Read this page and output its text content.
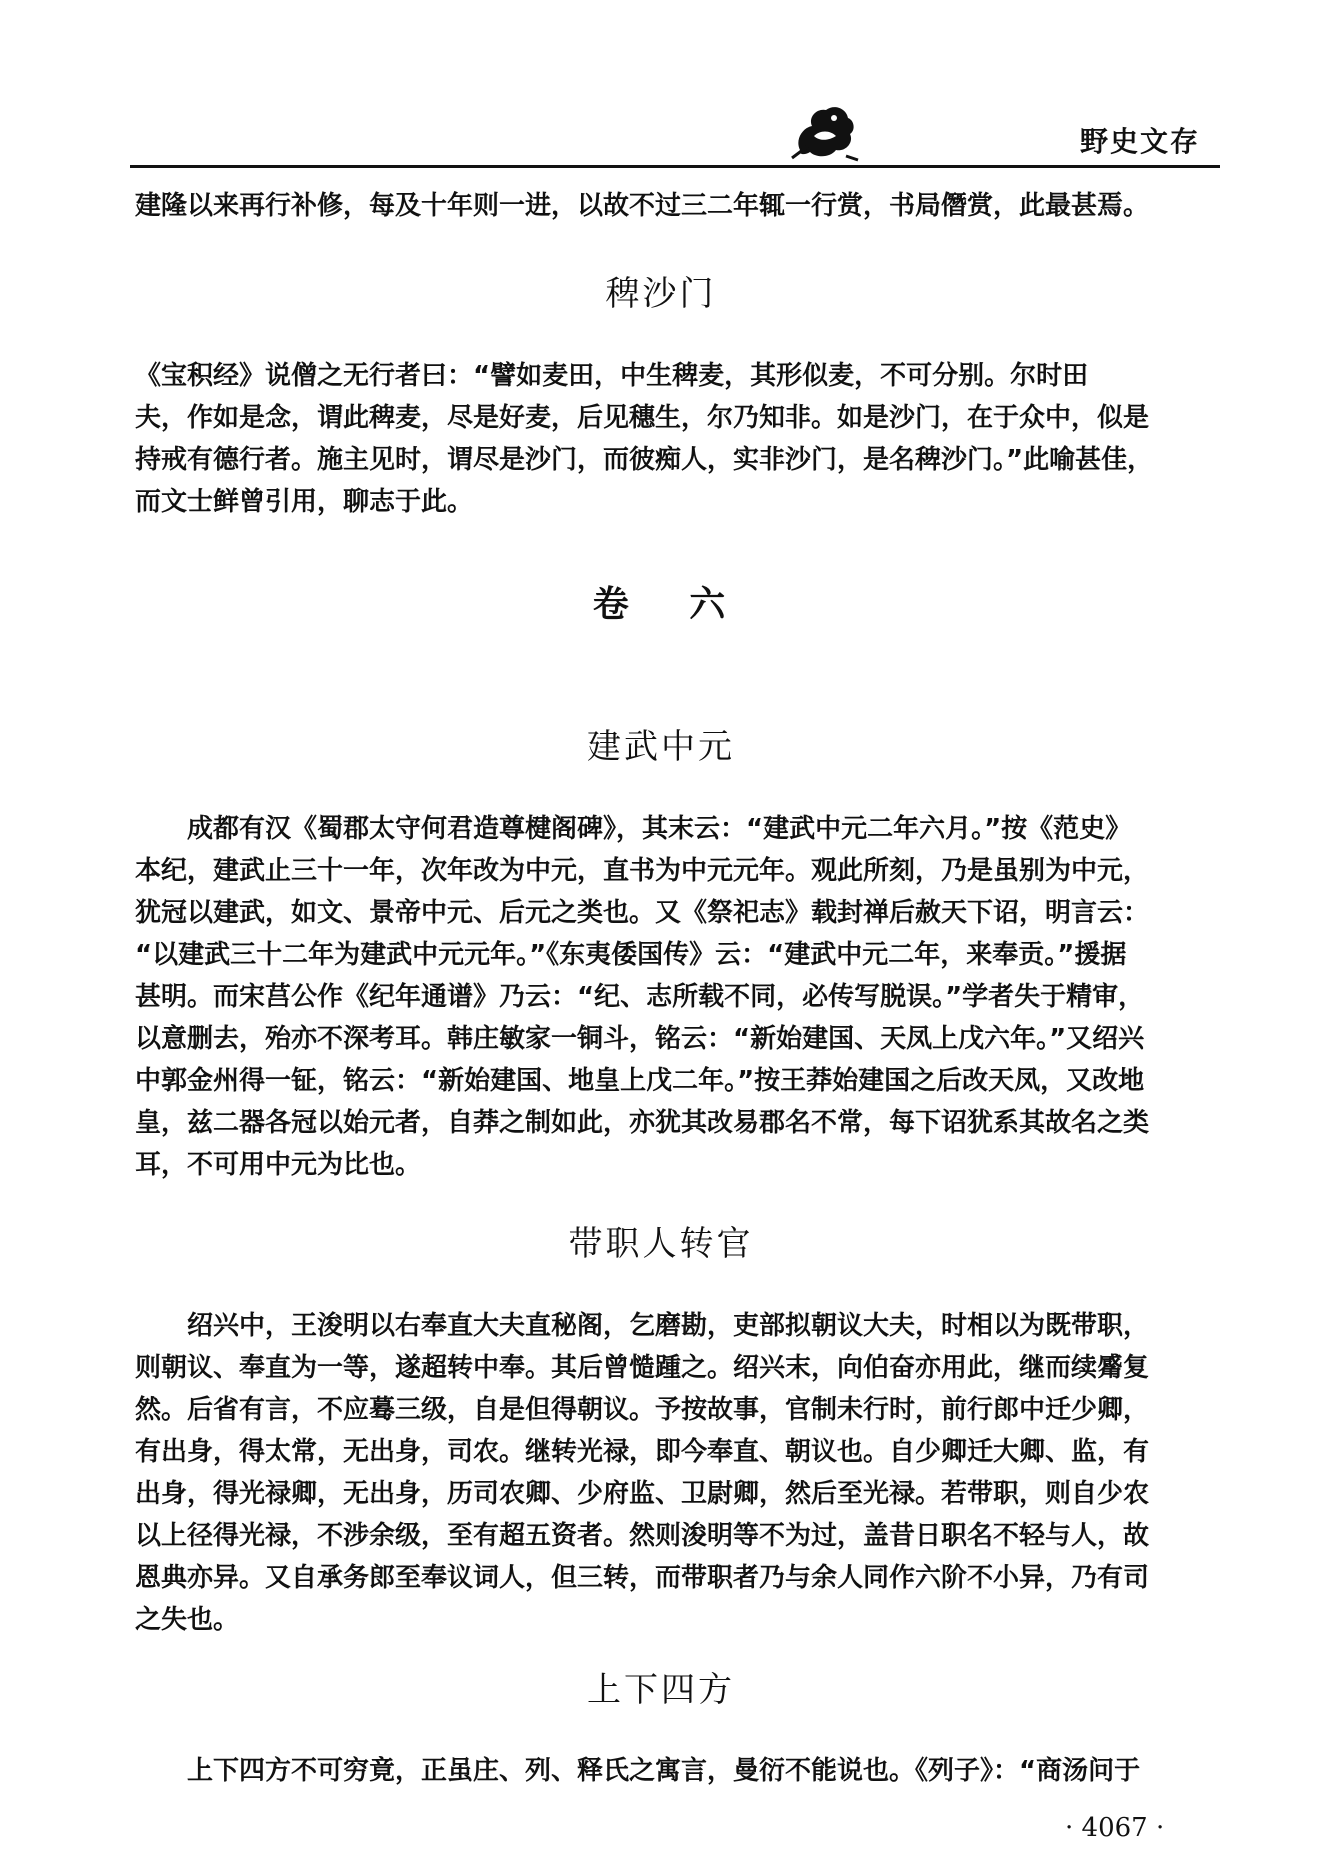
野史文存
建隆以来再行补修，每及十年则一进，以故不过三二年辄一行赏，书局僭赏，此最甚焉。
稗沙门
《宝积经》说僧之无行者曰：“譬如麦田，中生稗麦，其形似麦，不可分别。尔时田
夫，作如是念，谓此稗麦，尽是好麦，后见穗生，尔乃知非。如是沙门，在于众中，似是
持戒有德行者。施主见时，谓尽是沙门，而彼痴人，实非沙门，是名稗沙门。”此喻甚佳，
而文士鲜曾引用，聊志于此。
卷 六
建武中元
　　成都有汉《蜀郡太守何君造尊楗阁碑》，其末云：“建武中元二年六月。”按《范史》
本纪，建武止三十一年，次年改为中元，直书为中元元年。观此所刻，乃是虽别为中元，
犹冠以建武，如文、景帝中元、后元之类也。又《祭祀志》载封禅后赦天下诏，明言云：
“以建武三十二年为建武中元元年。”《东夷倭国传》云：“建武中元二年，来奉贡。”援据
甚明。而宋莒公作《纪年通谱》乃云：“纪、志所载不同，必传写脱误。”学者失于精审，
以意删去，殆亦不深考耳。韩庄敏家一铜斗，铭云：“新始建国、天凤上戊六年。”又绍兴
中郭金州得一钲，铭云：“新始建国、地皇上戊二年。”按王莽始建国之后改天凤，又改地
皇，兹二器各冠以始元者，自莽之制如此，亦犹其改易郡名不常，每下诏犹系其故名之类
耳，不可用中元为比也。
带职人转官
　　绍兴中，王浚明以右奉直大夫直秘阁，乞磨勘，吏部拟朝议大夫，时相以为既带职，
则朝议、奉直为一等，遂超转中奉。其后曾慥踵之。绍兴末，向伯奋亦用此，继而续觱复
然。后省有言，不应蓦三级，自是但得朝议。予按故事，官制未行时，前行郎中迁少卿，
有出身，得太常，无出身，司农。继转光禄，即今奉直、朝议也。自少卿迁大卿、监，有
出身，得光禄卿，无出身，历司农卿、少府监、卫尉卿，然后至光禄。若带职，则自少农
以上径得光禄，不涉余级，至有超五资者。然则浚明等不为过，盖昔日职名不轻与人，故
恩典亦异。又自承务郎至奉议词人，但三转，而带职者乃与余人同作六阶不小异，乃有司
之失也。
上下四方
　　上下四方不可穷竟，正虽庄、列、释氏之寓言，曼衍不能说也。《列子》：“商汤问于
· 4067 ·
